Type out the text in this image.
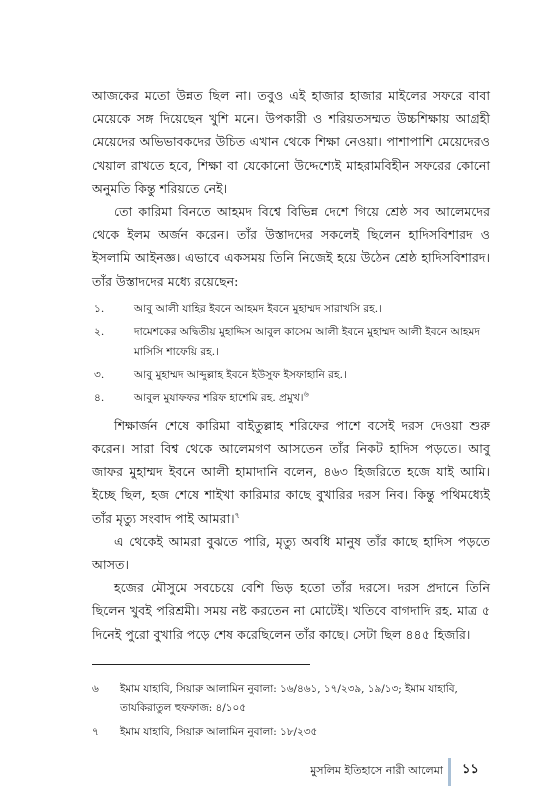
আজকের মতো উন্নত ছিল না। তবুও এই হাজার হাজার মাইলের সফরে বাবা মেয়েকে সঙ্গ দিয়েছেন খুশি মনে। উপকারী ও শরিয়তসম্মত উচ্চশিক্ষায় আগ্রহী মেয়েদের অভিভাবকদের উচিত এখান থেকে শিক্ষা নেওয়া। পাশাপাশি মেয়েদেরও খেয়াল রাখতে হবে, শিক্ষা বা যেকোনো উদ্দেশ্যেই মাহরামবিহীন সফরের কোনো অনুমতি কিন্তু শরিয়তে নেই।

তো কারিমা বিনতে আহমদ বিশ্বে বিভিন্ন দেশে গিয়ে শ্রেষ্ঠ সব আলেমদের থেকে ইলম অর্জন করেন। তাঁর উস্তাদদের সকলেই ছিলেন হাদিসবিশারদ ও ইসলামি আইনজ্ঞ। এভাবে একসময় তিনি নিজেই হয়ে উঠেন শ্রেষ্ঠ হাদিসবিশারদ। তাঁর উস্তাদদের মধ্যে রয়েছেন:

১.	আবু আলী যাহির ইবনে আহমদ ইবনে মুহাম্মদ সারাখসি রহ.।
২.	দামেশকের অদ্বিতীয় মুহাদ্দিস আবুল কাসেম আলী ইবনে মুহাম্মদ আলী ইবনে আহমদ মাসিসি শাফেয়ি রহ.।
৩.	আবু মুহাম্মদ আব্দুল্লাহ ইবনে ইউসুফ ইসফাহানি রহ.।
৪.	আবুল মুযাফফর শরিফ হাশেমি রহ. প্রমুখ।$^৬$

শিক্ষার্জন শেষে কারিমা বাইতুল্লাহ শরিফের পাশে বসেই দরস দেওয়া শুরু করেন। সারা বিশ্ব থেকে আলেমগণ আসতেন তাঁর নিকট হাদিস পড়তে। আবু জাফর মুহাম্মদ ইবনে আলী হামাদানি বলেন, ৪৬৩ হিজরিতে হজে যাই আমি। ইচ্ছে ছিল, হজ শেষে শাইখা কারিমার কাছে বুখারির দরস নিব। কিন্তু পথিমধ্যেই তাঁর মৃত্যু সংবাদ পাই আমরা।$^৭$

এ থেকেই আমরা বুঝতে পারি, মৃত্যু অবধি মানুষ তাঁর কাছে হাদিস পড়তে আসত।

হজের মৌসুমে সবচেয়ে বেশি ভিড় হতো তাঁর দরসে। দরস প্রদানে তিনি ছিলেন খুবই পরিশ্রমী। সময় নষ্ট করতেন না মোটেই। খতিবে বাগদাদি রহ. মাত্র ৫ দিনেই পুরো বুখারি পড়ে শেষ করেছিলেন তাঁর কাছে। সেটা ছিল ৪৪৫ হিজরি।

৬	ইমাম যাহাবি, সিয়ারু আলামিন নুবালা: ১৬/৪৬১, ১৭/২৩৯, ১৯/১৩; ইমাম যাহাবি, তাযকিরাতুল হুফফাজ: ৪/১০৫
৭	ইমাম যাহাবি, সিয়ারু আলামিন নুবালা: ১৮/২৩৫
মুসলিম ইতিহাসে নারী আলেমা ১১
